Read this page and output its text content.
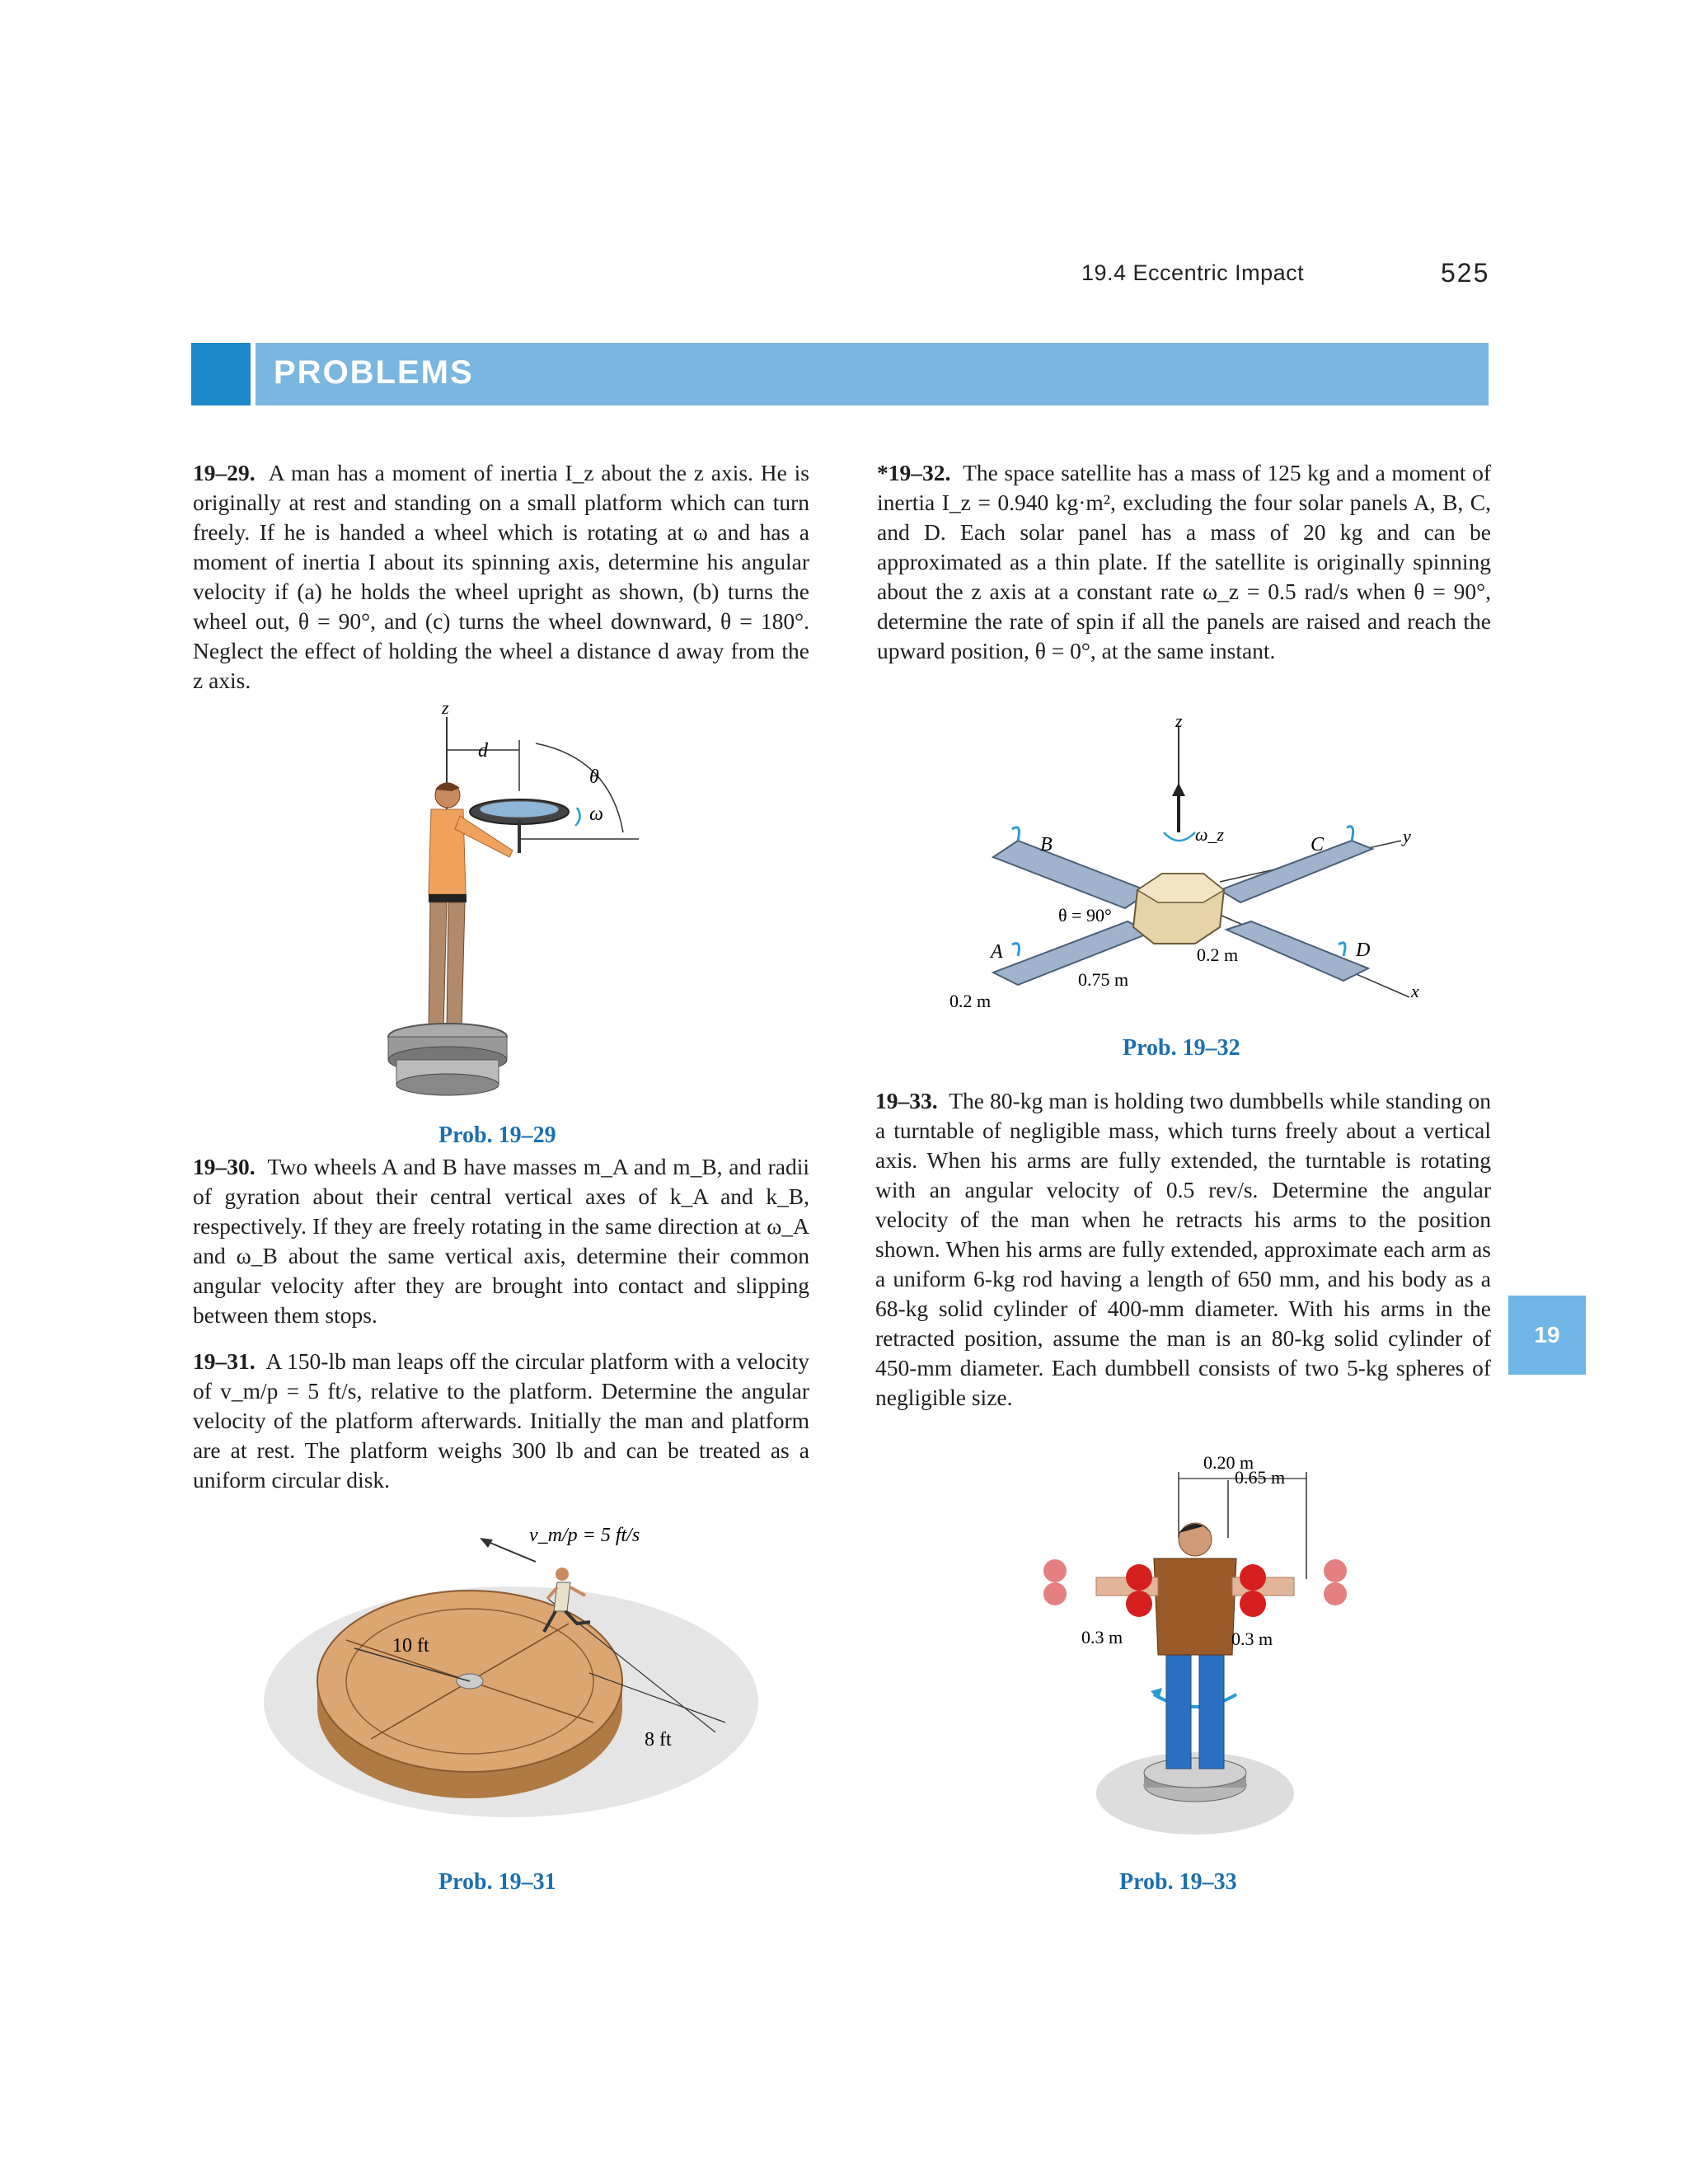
19.4 Eccentric Impact	525
PROBLEMS
19
19–29. A man has a moment of inertia I_z about the z axis. He is originally at rest and standing on a small platform which can turn freely. If he is handed a wheel which is rotating at ω and has a moment of inertia I about its spinning axis, determine his angular velocity if (a) he holds the wheel upright as shown, (b) turns the wheel out, θ = 90°, and (c) turns the wheel downward, θ = 180°. Neglect the effect of holding the wheel a distance d away from the z axis.
z
d
θ
ω
Prob. 19–29
19–30. Two wheels A and B have masses m_A and m_B, and radii of gyration about their central vertical axes of k_A and k_B, respectively. If they are freely rotating in the same direction at ω_A and ω_B about the same vertical axis, determine their common angular velocity after they are brought into contact and slipping between them stops.
19–31. A 150-lb man leaps off the circular platform with a velocity of v_m/p = 5 ft/s, relative to the platform. Determine the angular velocity of the platform afterwards. Initially the man and platform are at rest. The platform weighs 300 lb and can be treated as a uniform circular disk.
10 ft
8 ft
v_m/p = 5 ft/s
Prob. 19–31
*19–32. The space satellite has a mass of 125 kg and a moment of inertia I_z = 0.940 kg·m², excluding the four solar panels A, B, C, and D. Each solar panel has a mass of 20 kg and can be approximated as a thin plate. If the satellite is originally spinning about the z axis at a constant rate ω_z = 0.5 rad/s when θ = 90°, determine the rate of spin if all the panels are raised and reach the upward position, θ = 0°, at the same instant.
z
ω_z
x
y
B	C
A	D
θ = 90°
0.2 m
0.75 m
0.2 m
Prob. 19–32
19–33. The 80-kg man is holding two dumbbells while standing on a turntable of negligible mass, which turns freely about a vertical axis. When his arms are fully extended, the turntable is rotating with an angular velocity of 0.5 rev/s. Determine the angular velocity of the man when he retracts his arms to the position shown. When his arms are fully extended, approximate each arm as a uniform 6-kg rod having a length of 650 mm, and his body as a 68-kg solid cylinder of 400-mm diameter. With his arms in the retracted position, assume the man is an 80-kg solid cylinder of 450-mm diameter. Each dumbbell consists of two 5-kg spheres of negligible size.
0.20 m
0.65 m
0.3 m	0.3 m
Prob. 19–33
